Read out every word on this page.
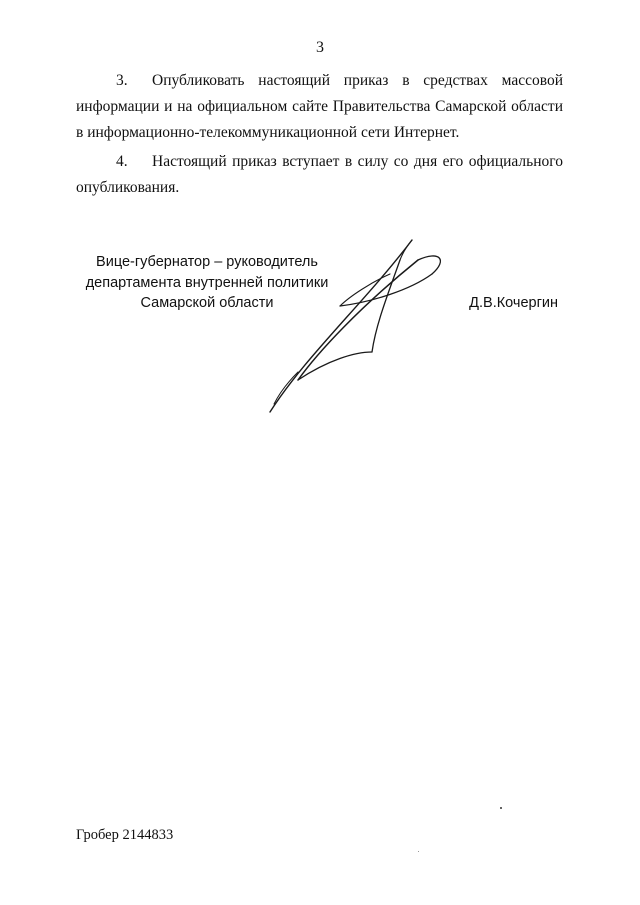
3

3. Опубликовать настоящий приказ в средствах массовой информации и на официальном сайте Правительства Самарской области в информационно-телекоммуникационной сети Интернет.

4. Настоящий приказ вступает в силу со дня его официального опубликования.

Вице-губернатор – руководитель
департамента внутренней политики
Самарской области	Д.В.Кочергин
Гробер 2144833
